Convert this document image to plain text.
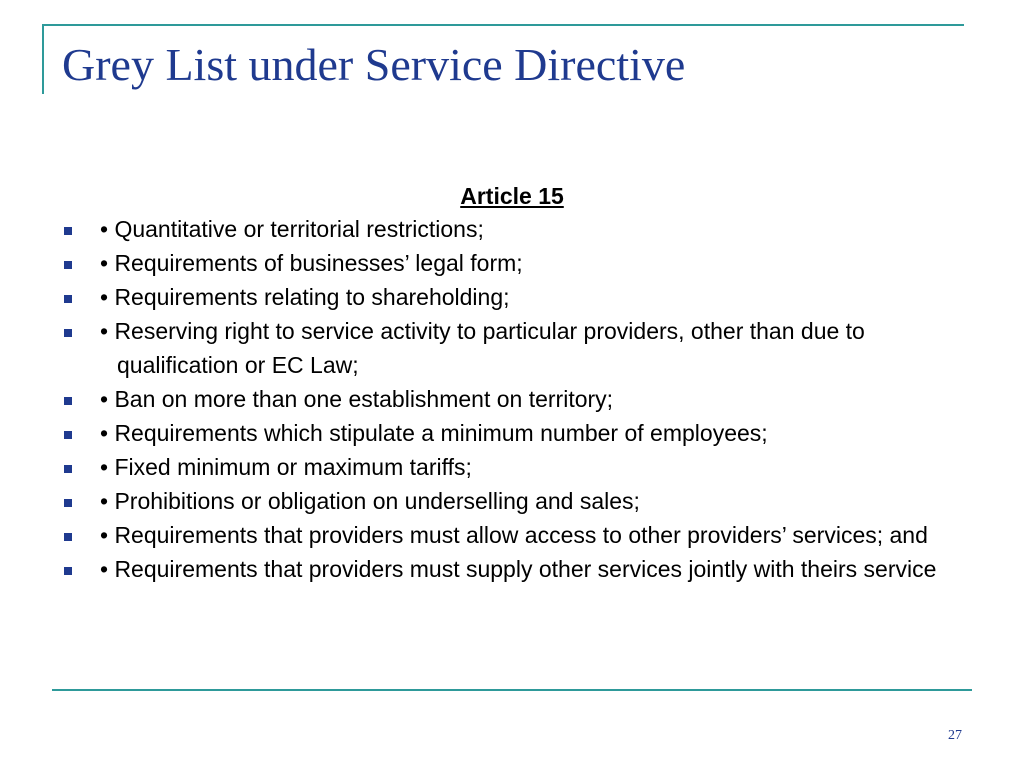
Grey List under Service Directive
Article 15
• Quantitative or territorial restrictions;
• Requirements of businesses’ legal form;
• Requirements relating to shareholding;
• Reserving right to service activity to particular providers, other than due to qualification or EC Law;
• Ban on more than one establishment on territory;
• Requirements which stipulate a minimum number of employees;
• Fixed minimum or maximum tariffs;
• Prohibitions or obligation on underselling and sales;
• Requirements that providers must allow access to other providers’ services; and
• Requirements that providers must supply other services jointly with theirs service
27
